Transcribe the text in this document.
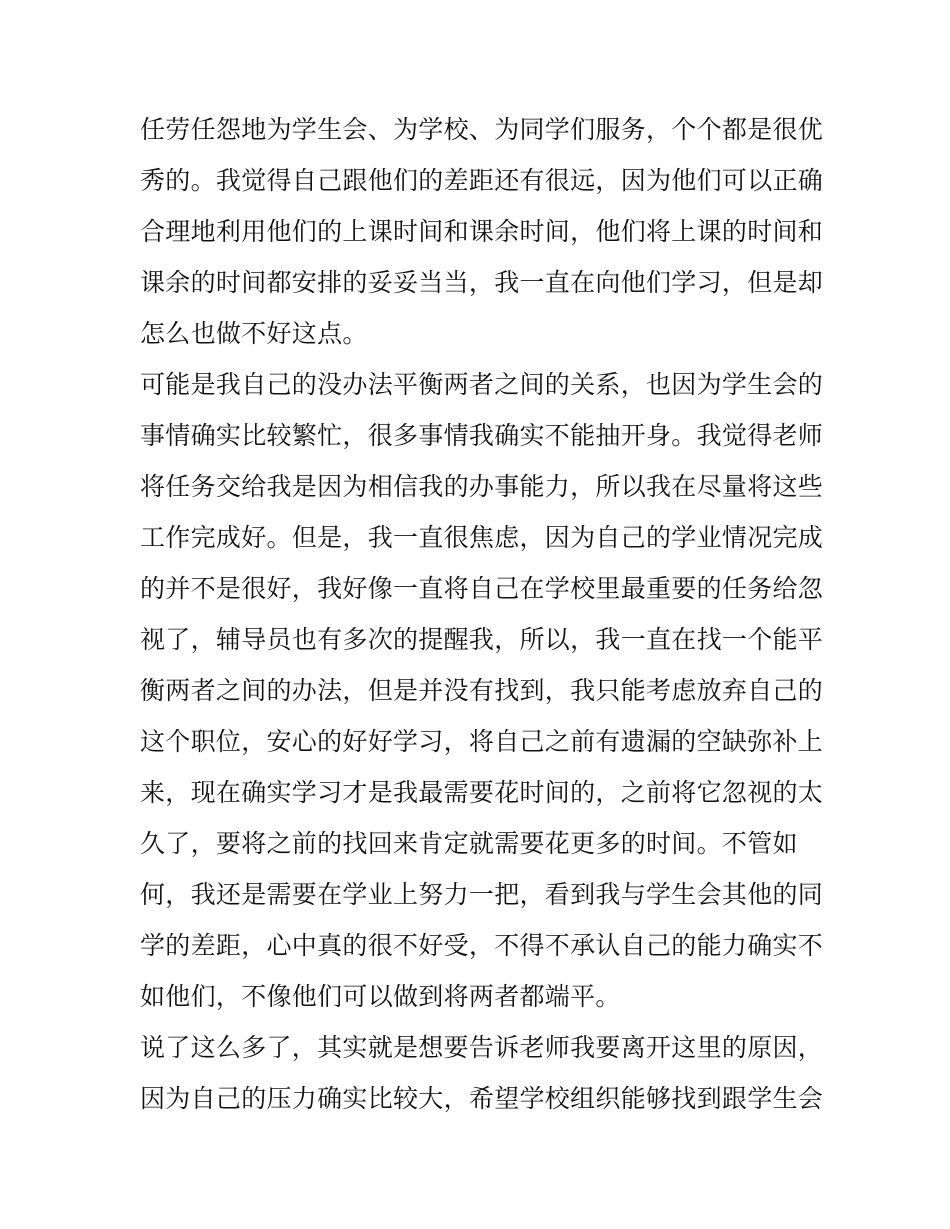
任劳任怨地为学生会、为学校、为同学们服务，个个都是很优
秀的。我觉得自己跟他们的差距还有很远，因为他们可以正确
合理地利用他们的上课时间和课余时间，他们将上课的时间和
课余的时间都安排的妥妥当当，我一直在向他们学习，但是却
怎么也做不好这点。
可能是我自己的没办法平衡两者之间的关系，也因为学生会的
事情确实比较繁忙，很多事情我确实不能抽开身。我觉得老师
将任务交给我是因为相信我的办事能力，所以我在尽量将这些
工作完成好。但是，我一直很焦虑，因为自己的学业情况完成
的并不是很好，我好像一直将自己在学校里最重要的任务给忽
视了，辅导员也有多次的提醒我，所以，我一直在找一个能平
衡两者之间的办法，但是并没有找到，我只能考虑放弃自己的
这个职位，安心的好好学习，将自己之前有遗漏的空缺弥补上
来，现在确实学习才是我最需要花时间的，之前将它忽视的太
久了，要将之前的找回来肯定就需要花更多的时间。不管如
何，我还是需要在学业上努力一把，看到我与学生会其他的同
学的差距，心中真的很不好受，不得不承认自己的能力确实不
如他们，不像他们可以做到将两者都端平。
说了这么多了，其实就是想要告诉老师我要离开这里的原因，
因为自己的压力确实比较大，希望学校组织能够找到跟学生会
